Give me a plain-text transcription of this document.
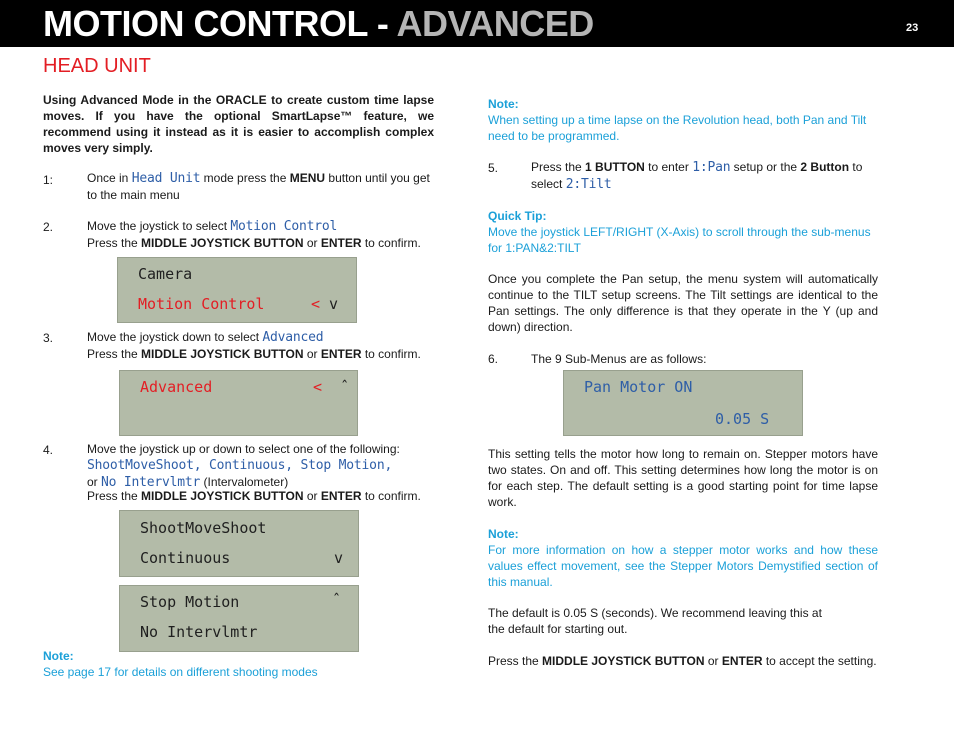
MOTION CONTROL - ADVANCED	23
HEAD UNIT

Using Advanced Mode in the ORACLE to create custom time lapse moves. If you have the optional SmartLapse™ feature, we recommend using it instead as it is easier to accomplish complex moves very simply.

1:	Once in Head Unit mode press the MENU button until you get to the main menu

2.	Move the joystick to select Motion Control
Press the MIDDLE JOYSTICK BUTTON or ENTER to confirm.

Camera
Motion Control	< v
3.	Move the joystick down to select Advanced
Press the MIDDLE JOYSTICK BUTTON or ENTER to confirm.

Advanced	<  ˆ
4.	Move the joystick up or down to select one of the following: ShootMoveShoot, Continuous, Stop Motion, or No Intervlmtr (Intervalometer)

Press the MIDDLE JOYSTICK BUTTON or ENTER to confirm.

ShootMoveShoot
Continuous	v
Stop Motion
No Intervlmtr
ˆ
Note:
See page 17 for details on different shooting modes
Note:

When setting up a time lapse on the Revolution head, both Pan and Tilt need to be programmed.

5.	Press the 1 BUTTON to enter 1:Pan setup or the 2 Button to select 2:Tilt

Quick Tip:

Move the joystick LEFT/RIGHT (X-Axis) to scroll through the sub-menus for 1:PAN&2:TILT

Once you complete the Pan setup, the menu system will automatically continue to the TILT setup screens. The Tilt settings are identical to the Pan settings. The only difference is that they operate in the Y (up and down) direction.

6.	The 9 Sub-Menus are as follows:
Pan Motor ON
0.05 S

This setting tells the motor how long to remain on. Stepper motors have two states. On and off. This setting determines how long the motor is on for each step. The default setting is a good starting point for time lapse work.

Note:

For more information on how a stepper motor works and how these values effect movement, see the Stepper Motors Demystified section of this manual.

The default is 0.05 S (seconds). We recommend leaving this at
the default for starting out.

Press the MIDDLE JOYSTICK BUTTON or ENTER to accept the setting.
